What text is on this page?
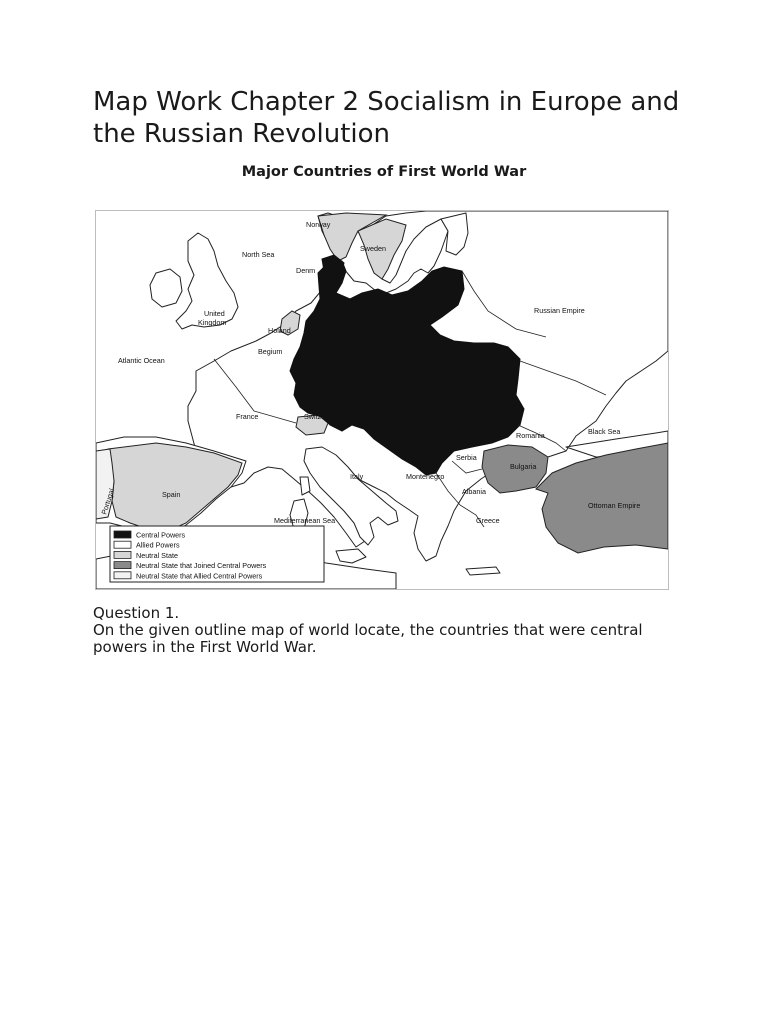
Map Work Chapter 2 Socialism in Europe and the Russian Revolution
Major Countries of First World War
Central Powers
Allied Powers
Neutral State
Neutral State that Joined Central Powers
Neutral State that Allied Central Powers
Norway
Sweden
North Sea
Denm
United
Kingdom
Holand
Begium
Atlantic Ocean
Russian Empire
France	Switz
Romania	Black Sea
Serbia
Bulgaria
Italy	Montenegro
Albania
Portugal	Spain
Mediterranean Sea	Greece
Ottoman Empire

Question 1.

On the given outline map of world locate, the countries that were central powers in the First World War.
